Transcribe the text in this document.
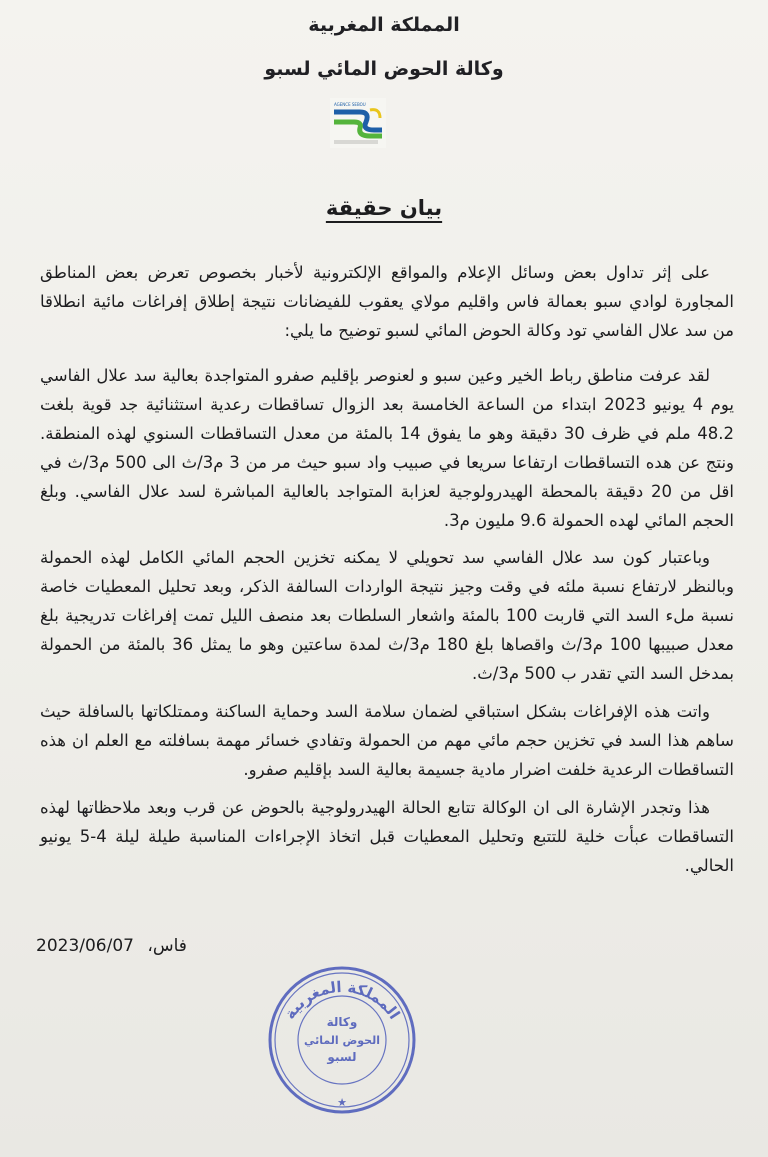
المملكة المغربية
وكالة الحوض المائي لسبو
AGENCE SEBOU
بيان حقيقة
على إثر تداول بعض وسائل الإعلام والمواقع الإلكترونية لأخبار بخصوص تعرض بعض المناطق المجاورة لوادي سبو بعمالة فاس واقليم مولاي يعقوب للفيضانات نتيجة إطلاق إفراغات مائية انطلاقا من سد علال الفاسي تود وكالة الحوض المائي لسبو توضيح ما يلي:
لقد عرفت مناطق رباط الخير وعين سبو و لعنوصر بإقليم صفرو المتواجدة بعالية سد علال الفاسي يوم 4 يونيو 2023 ابتداء من الساعة الخامسة بعد الزوال تساقطات رعدية استثنائية جد قوية بلغت 48.2 ملم في ظرف 30 دقيقة وهو ما يفوق 14 بالمئة من معدل التساقطات السنوي لهذه المنطقة. ونتج عن هده التساقطات ارتفاعا سريعا في صبيب واد سبو حيث مر من 3 م3/ث الى 500 م3/ث في اقل من 20 دقيقة بالمحطة الهيدرولوجية لعزابة المتواجد بالعالية المباشرة لسد علال الفاسي. وبلغ الحجم المائي لهده الحمولة 9.6 مليون م3.
وباعتبار كون سد علال الفاسي سد تحويلي لا يمكنه تخزين الحجم المائي الكامل لهذه الحمولة وبالنظر لارتفاع نسبة ملئه في وقت وجيز نتيجة الواردات السالفة الذكر، وبعد تحليل المعطيات خاصة نسبة ملء السد التي قاربت 100 بالمئة واشعار السلطات بعد منصف الليل تمت إفراغات تدريجية بلغ معدل صبيبها 100 م3/ث واقصاها بلغ 180 م3/ث لمدة ساعتين وهو ما يمثل 36 بالمئة من الحمولة بمدخل السد التي تقدر ب 500 م3/ث.
واتت هذه الإفراغات بشكل استباقي لضمان سلامة السد وحماية الساكنة وممتلكاتها بالسافلة حيث ساهم هذا السد في تخزين حجم مائي مهم من الحمولة وتفادي خسائر مهمة بسافلته مع العلم ان هذه التساقطات الرعدية خلفت اضرار مادية جسيمة بعالية السد بإقليم صفرو.
هذا وتجدر الإشارة الى ان الوكالة تتابع الحالة الهيدرولوجية بالحوض عن قرب وبعد ملاحظاتها لهذه التساقطات عبأت خلية للتتبع وتحليل المعطيات قبل اتخاذ الإجراءات المناسبة طيلة ليلة 4-5 يونيو الحالي.
2023/06/07 فاس،
المملكة المغربية
وكالة
الحوض المائي
لسبو
★
